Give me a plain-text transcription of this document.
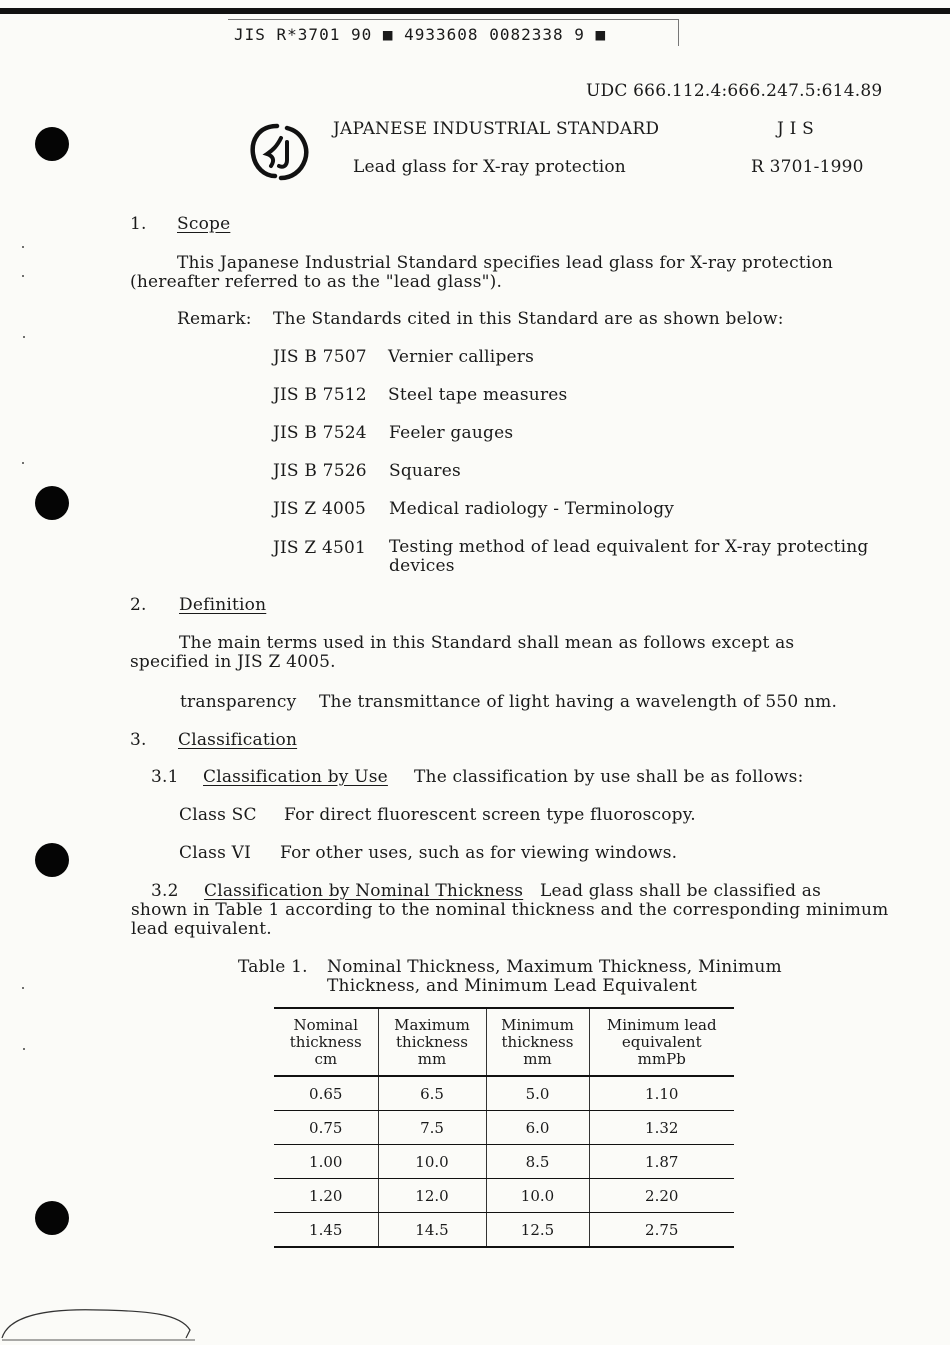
JIS R*3701 90 ■ 4933608 0082338 9 ■
UDC 666.112.4:666.247.5:614.89
JAPANESE INDUSTRIAL STANDARD	J I S
Lead glass for X-ray protection	R 3701-1990
1. Scope
This Japanese Industrial Standard specifies lead glass for X-ray protection
(hereafter referred to as the "lead glass").
Remark: The Standards cited in this Standard are as shown below:
JIS B 7507 Vernier callipers
JIS B 7512 Steel tape measures
JIS B 7524 Feeler gauges
JIS B 7526 Squares
JIS Z 4005 Medical radiology - Terminology
JIS Z 4501 Testing method of lead equivalent for X-ray protecting
devices
2. Definition
The main terms used in this Standard shall mean as follows except as
specified in JIS Z 4005.
transparency The transmittance of light having a wavelength of 550 nm.
3. Classification
3.1 Classification by Use The classification by use shall be as follows:
Class SC For direct fluorescent screen type fluoroscopy.
Class VI For other uses, such as for viewing windows.
3.2 Classification by Nominal Thickness Lead glass shall be classified as
shown in Table 1 according to the nominal thickness and the corresponding minimum
lead equivalent.
Table 1. Nominal Thickness, Maximum Thickness, Minimum
Thickness, and Minimum Lead Equivalent
Nominal
thickness
cm	Maximum
thickness
mm	Minimum
thickness
mm	Minimum lead
equivalent
mmPb
0.65	6.5	5.0	1.10
0.75	7.5	6.0	1.32
1.00	10.0	8.5	1.87
1.20	12.0	10.0	2.20
1.45	14.5	12.5	2.75
